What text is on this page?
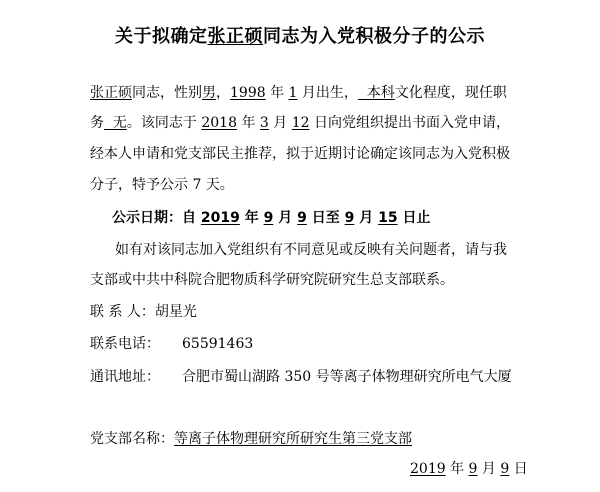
关于拟确定张正硕同志为入党积极分子的公示
张正硕同志，性别男，1998 年 1 月出生，  本科文化程度，现任职
务  无。该同志于 2018 年 3 月 12 日向党组织提出书面入党申请，
经本人申请和党支部民主推荐，拟于近期讨论确定该同志为入党积极
分子，特予公示 7 天。
公示日期：自 2019 年 9 月 9 日至 9 月 15 日止
如有对该同志加入党组织有不同意见或反映有关问题者，请与我
支部或中共中科院合肥物质科学研究院研究生总支部联系。
联 系 人：胡星光
联系电话： 65591463
通讯地址： 合肥市蜀山湖路 350 号等离子体物理研究所电气大厦
党支部名称：等离子体物理研究所研究生第三党支部
2019 年 9 月 9 日
